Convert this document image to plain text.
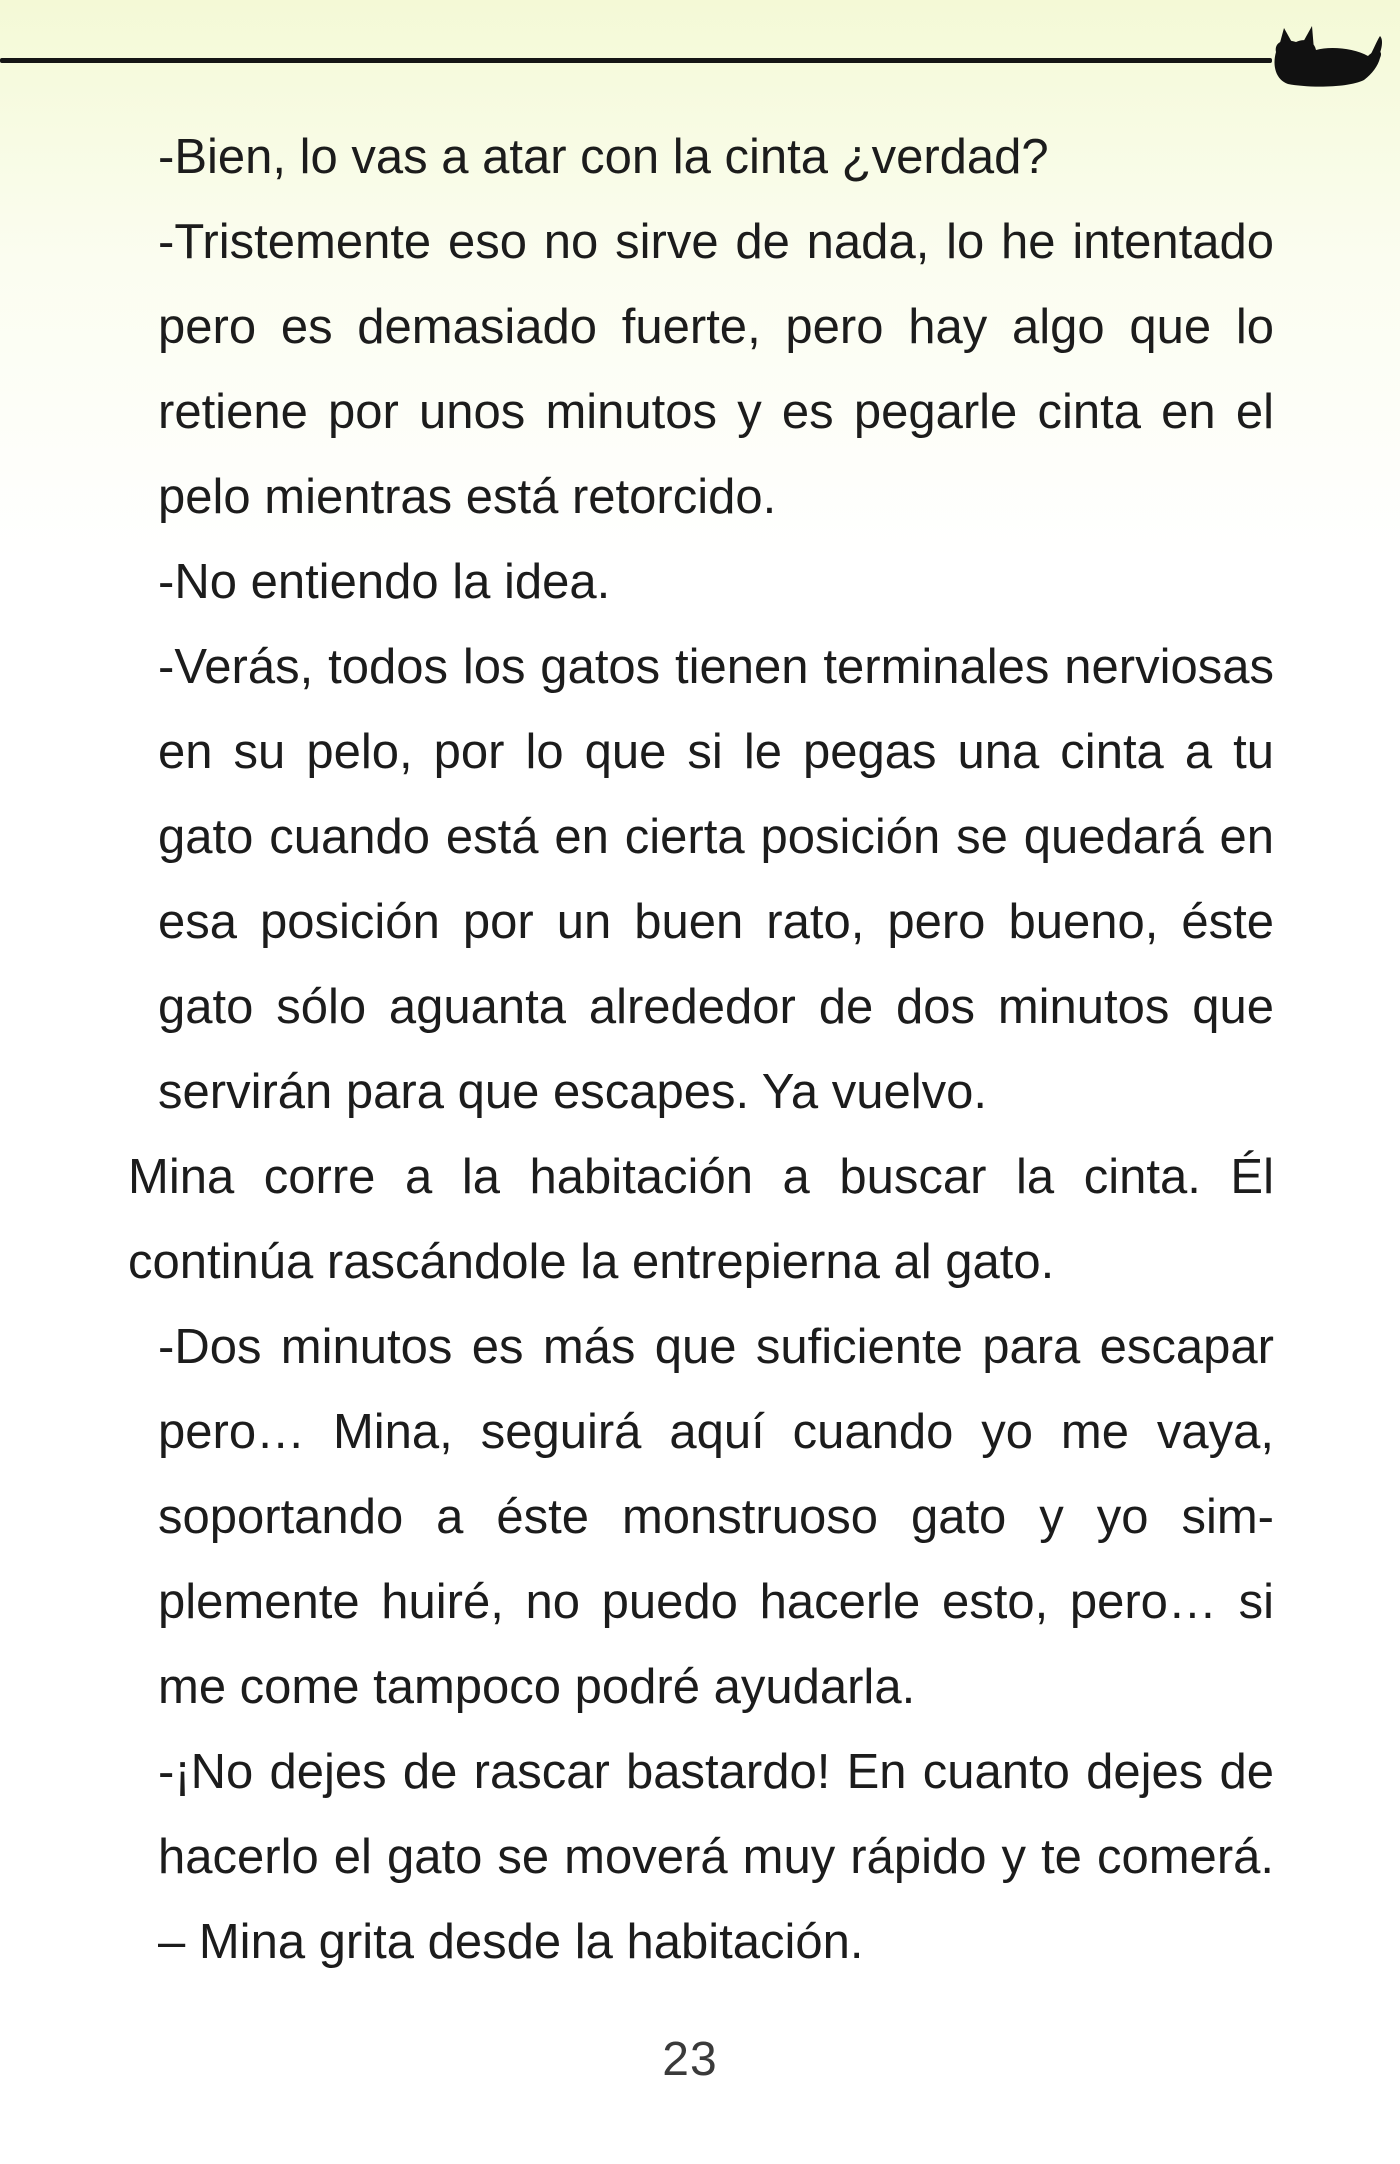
-Bien, lo vas a atar con la cinta ¿verdad?

-Tristemente eso no sirve de nada, lo he intentado pero es demasiado fuerte, pero hay algo que lo retiene por unos minutos y es pegarle cinta en el pelo mientras está retorcido.

-No entiendo la idea.

-Verás, todos los gatos tienen terminales nerviosas en su pelo, por lo que si le pegas una cinta a tu gato cuando está en cierta posición se quedará en esa posición por un buen rato, pero bueno, éste gato sólo aguanta alrededor de dos minutos que servirán para que escapes. Ya vuelvo.

Mina corre a la habitación a buscar la cinta. Él continúa rascándole la entrepierna al gato.

-Dos minutos es más que suficiente para escapar pero… Mina, seguirá aquí cuando yo me vaya, soportando a éste monstruoso gato y yo simplemente huiré, no puedo hacerle esto, pero… si me come tampoco podré ayudarla.

-¡No dejes de rascar bastardo! En cuanto dejes de hacerlo el gato se moverá muy rápido y te comerá. – Mina grita desde la habitación.

23
